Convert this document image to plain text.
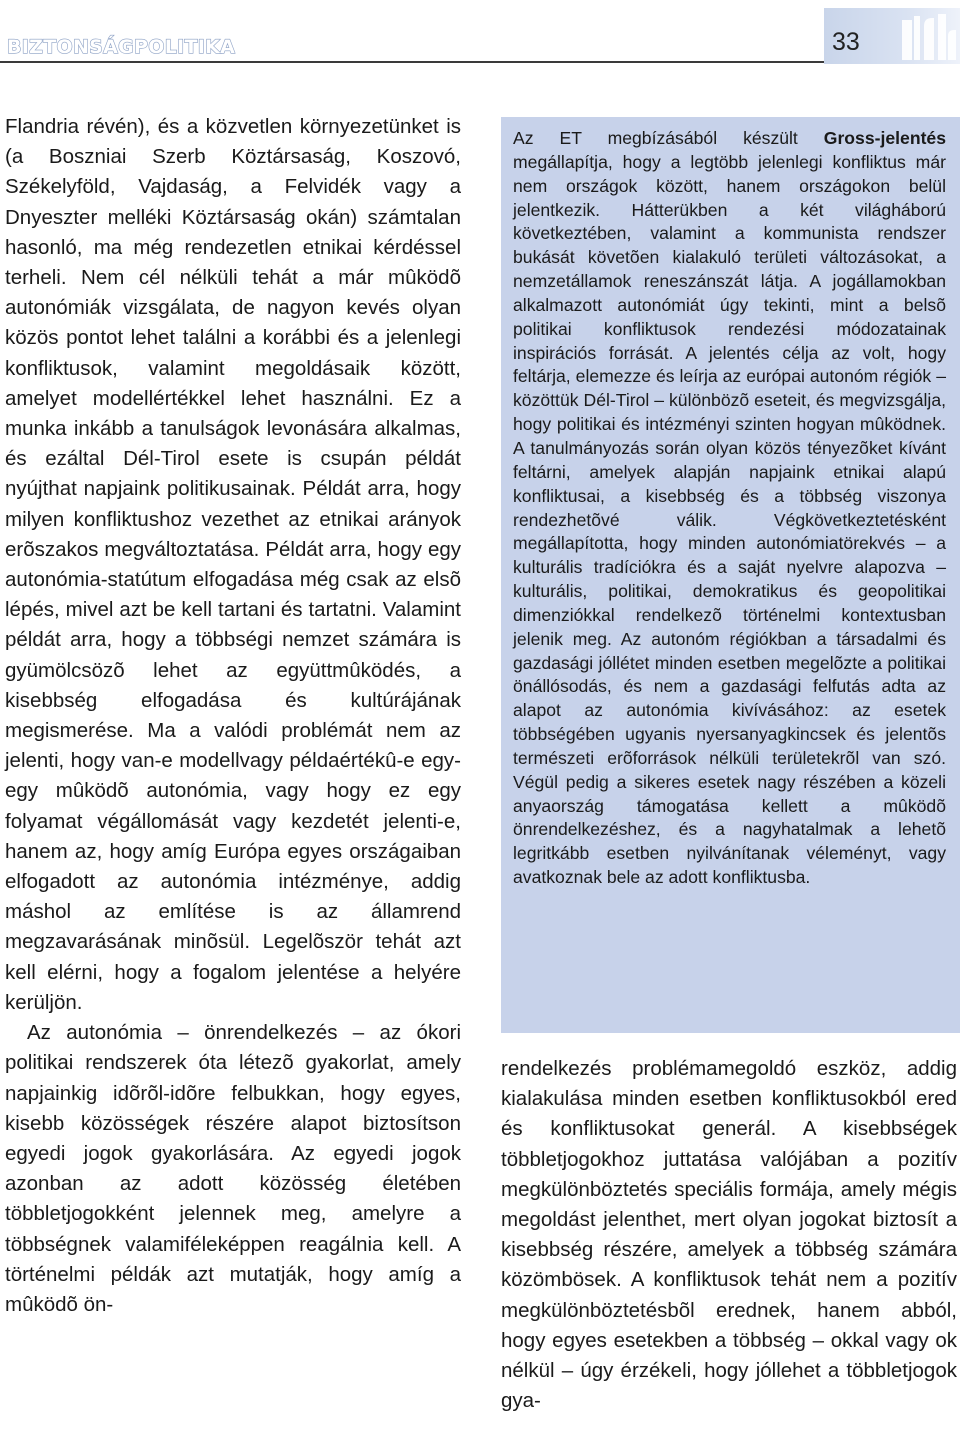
BIZTONSÁGPOLITIKA	33

Flandria révén), és a közvetlen környezetünket is (a Boszniai Szerb Köztársaság, Koszovó, Székelyföld, Vajdaság, a Felvidék vagy a Dnyeszter melléki Köztársaság okán) számtalan hasonló, ma még rendezetlen etnikai kérdéssel terheli. Nem cél nélküli tehát a már mûködõ autonómiák vizsgálata, de nagyon kevés olyan közös pontot lehet találni a korábbi és a jelenlegi konfliktusok, valamint megoldásaik között, amelyet modellértékkel lehet használni. Ez a munka inkább a tanulságok levonására alkalmas, és ezáltal Dél-Tirol esete is csupán példát nyújthat napjaink politikusainak. Példát arra, hogy milyen konfliktushoz vezethet az etnikai arányok erõszakos megváltoztatása. Példát arra, hogy egy autonómia-statútum elfogadása még csak az elsõ lépés, mivel azt be kell tartani és tartatni. Valamint példát arra, hogy a többségi nemzet számára is gyümölcsözõ lehet az együttmûködés, a kisebbség elfogadása és kultúrájának megismerése. Ma a valódi problémát nem az jelenti, hogy van-e modellvagy példaértékû-e egy-egy mûködõ autonómia, vagy hogy ez egy folyamat végállomását vagy kezdetét jelenti-e, hanem az, hogy amíg Európa egyes országaiban elfogadott az autonómia intézménye, addig máshol az említése is az államrend megzavarásának minõsül. Legelõször tehát azt kell elérni, hogy a fogalom jelentése a helyére kerüljön.

Az autonómia – önrendelkezés – az ókori politikai rendszerek óta létezõ gyakorlat, amely napjainkig idõrõl-idõre felbukkan, hogy egyes, kisebb közösségek részére alapot biztosítson egyedi jogok gyakorlására. Az egyedi jogok azonban az adott közösség életében többletjogokként jelennek meg, amelyre a többségnek valamiféleképpen reagálnia kell. A történelmi példák azt mutatják, hogy amíg a mûködõ ön-

Az ET megbízásából készült Gross-jelentés megállapítja, hogy a legtöbb jelenlegi konfliktus már nem országok között, hanem országokon belül jelentkezik. Hátterükben a két világháború következtében, valamint a kommunista rendszer bukását követõen kialakuló területi változásokat, a nemzetállamok reneszánszát látja. A jogállamokban alkalmazott autonómiát úgy tekinti, mint a belsõ politikai konfliktusok rendezési módozatainak inspirációs forrását. A jelentés célja az volt, hogy feltárja, elemezze és leírja az európai autonóm régiók – közöttük Dél-Tirol – különbözõ eseteit, és megvizsgálja, hogy politikai és intézményi szinten hogyan mûködnek. A tanulmányozás során olyan közös tényezõket kívánt feltárni, amelyek alapján napjaink etnikai alapú konfliktusai, a kisebbség és a többség viszonya rendezhetõvé válik. Végkövetkeztetésként megállapította, hogy minden autonómiatörekvés – a kulturális tradíciókra és a saját nyelvre alapozva – kulturális, politikai, demokratikus és geopolitikai dimenziókkal rendelkezõ történelmi kontextusban jelenik meg. Az autonóm régiókban a társadalmi és gazdasági jóllétet minden esetben megelõzte a politikai önállósodás, és nem a gazdasági felfutás adta az alapot az autonómia kivívásához: az esetek többségében ugyanis nyersanyagkincsek és jelentõs természeti erõforrások nélküli területekrõl van szó. Végül pedig a sikeres esetek nagy részében a közeli anyaország támogatása kellett a mûködõ önrendelkezéshez, és a nagyhatalmak a lehetõ legritkább esetben nyilvánítanak véleményt, vagy avatkoznak bele az adott konfliktusba.

rendelkezés problémamegoldó eszköz, addig kialakulása minden esetben konfliktusokból ered és konfliktusokat generál. A kisebbségek többletjogokhoz juttatása valójában a pozitív megkülönböztetés speciális formája, amely mégis megoldást jelenthet, mert olyan jogokat biztosít a kisebbség részére, amelyek a többség számára közömbösek. A konfliktusok tehát nem a pozitív megkülönböztetésbõl erednek, hanem abból, hogy egyes esetekben a többség – okkal vagy ok nélkül – úgy érzékeli, hogy jóllehet a többletjogok gya-
